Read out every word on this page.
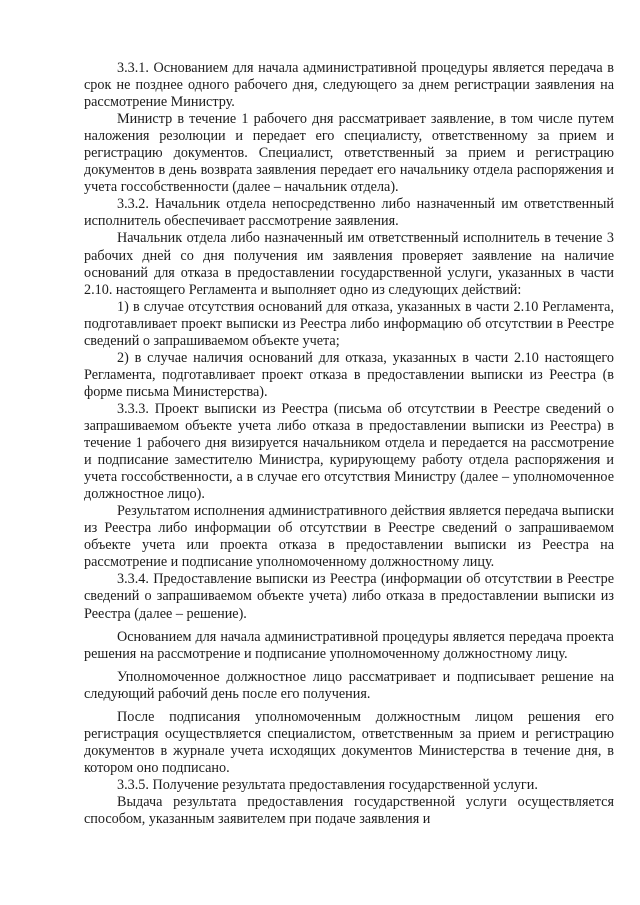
3.3.1. Основанием для начала административной процедуры является передача в срок не позднее одного рабочего дня, следующего за днем регистрации заявления на рассмотрение Министру.

Министр в течение 1 рабочего дня рассматривает заявление, в том числе путем наложения резолюции и передает его специалисту, ответственному за прием и регистрацию документов. Специалист, ответственный за прием и регистрацию документов в день возврата заявления передает его начальнику отдела распоряжения и учета госсобственности (далее – начальник отдела).

3.3.2. Начальник отдела непосредственно либо назначенный им ответственный исполнитель обеспечивает рассмотрение заявления.

Начальник отдела либо назначенный им ответственный исполнитель в течение 3 рабочих дней со дня получения им заявления проверяет заявление на наличие оснований для отказа в предоставлении государственной услуги, указанных в части 2.10. настоящего Регламента и выполняет одно из следующих действий:

1) в случае отсутствия оснований для отказа, указанных в части 2.10 Регламента, подготавливает проект выписки из Реестра либо информацию об отсутствии в Реестре сведений о запрашиваемом объекте учета;

2) в случае наличия оснований для отказа, указанных в части 2.10 настоящего Регламента, подготавливает проект отказа в предоставлении выписки из Реестра (в форме письма Министерства).

3.3.3. Проект выписки из Реестра (письма об отсутствии в Реестре сведений о запрашиваемом объекте учета либо отказа в предоставлении выписки из Реестра) в течение 1 рабочего дня визируется начальником отдела и передается на рассмотрение и подписание заместителю Министра, курирующему работу отдела распоряжения и учета госсобственности, а в случае его отсутствия Министру (далее – уполномоченное должностное лицо).

Результатом исполнения административного действия является передача выписки из Реестра либо информации об отсутствии в Реестре сведений о запрашиваемом объекте учета или проекта отказа в предоставлении выписки из Реестра на рассмотрение и подписание уполномоченному должностному лицу.

3.3.4. Предоставление выписки из Реестра (информации об отсутствии в Реестре сведений о запрашиваемом объекте учета) либо отказа в предоставлении выписки из Реестра (далее – решение).

Основанием для начала административной процедуры является передача проекта решения на рассмотрение и подписание уполномоченному должностному лицу.

Уполномоченное должностное лицо рассматривает и подписывает решение на следующий рабочий день после его получения.

После подписания уполномоченным должностным лицом решения его регистрация осуществляется специалистом, ответственным за прием и регистрацию документов в журнале учета исходящих документов Министерства в течение дня, в котором оно подписано.

3.3.5. Получение результата предоставления государственной услуги.

Выдача результата предоставления государственной услуги осуществляется способом, указанным заявителем при подаче заявления и
